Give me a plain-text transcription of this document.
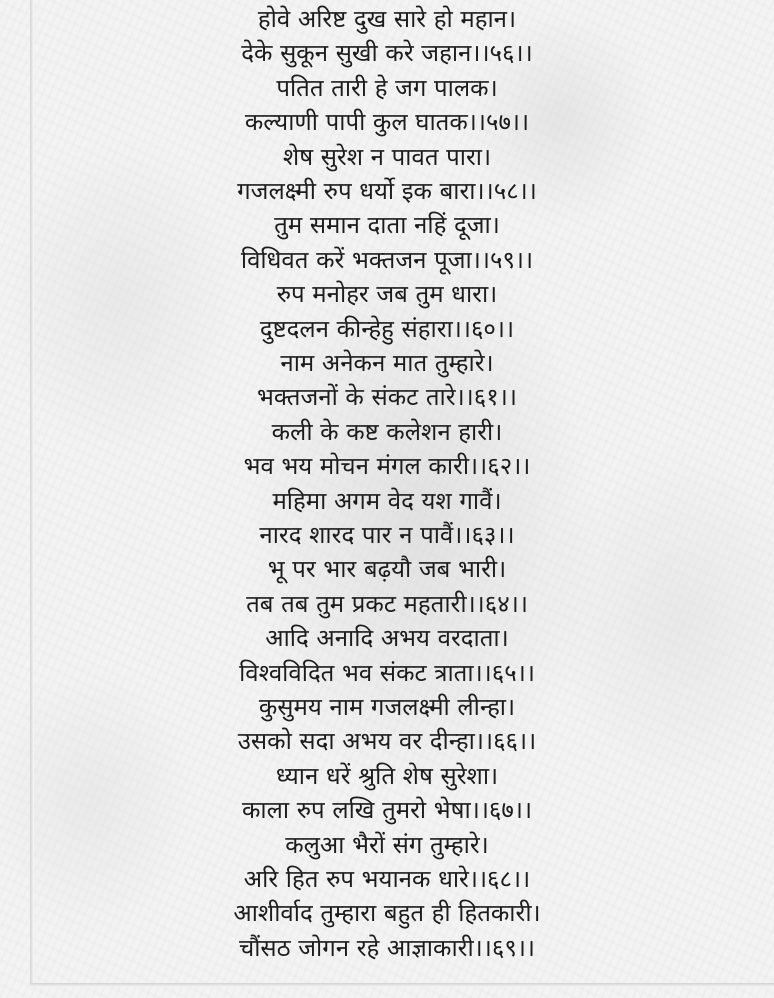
होवे अरिष्ट दुख सारे हो महान।
देके सुकून सुखी करे जहान।।५६।।
पतित तारी हे जग पालक।
कल्याणी पापी कुल घातक।।५७।।
शेष सुरेश न पावत पारा।
गजलक्ष्मी रुप धर्यो इक बारा।।५८।।
तुम समान दाता नहिं दूजा।
विधिवत करें भक्तजन पूजा।।५९।।
रुप मनोहर जब तुम धारा।
दुष्टदलन कीन्हेहु संहारा।।६०।।
नाम अनेकन मात तुम्हारे।
भक्तजनों के संकट तारे।।६१।।
कली के कष्ट कलेशन हारी।
भव भय मोचन मंगल कारी।।६२।।
महिमा अगम वेद यश गावैं।
नारद शारद पार न पावैं।।६३।।
भू पर भार बढ़यौ जब भारी।
तब तब तुम प्रकट महतारी।।६४।।
आदि अनादि अभय वरदाता।
विश्वविदित भव संकट त्राता।।६५।।
कुसुमय नाम गजलक्ष्मी लीन्हा।
उसको सदा अभय वर दीन्हा।।६६।।
ध्यान धरें श्रुति शेष सुरेशा।
काला रुप लखि तुमरो भेषा।।६७।।
कलुआ भैरों संग तुम्हारे।
अरि हित रुप भयानक धारे।।६८।।
आशीर्वाद तुम्हारा बहुत ही हितकारी।
चौंसठ जोगन रहे आज्ञाकारी।।६९।।
